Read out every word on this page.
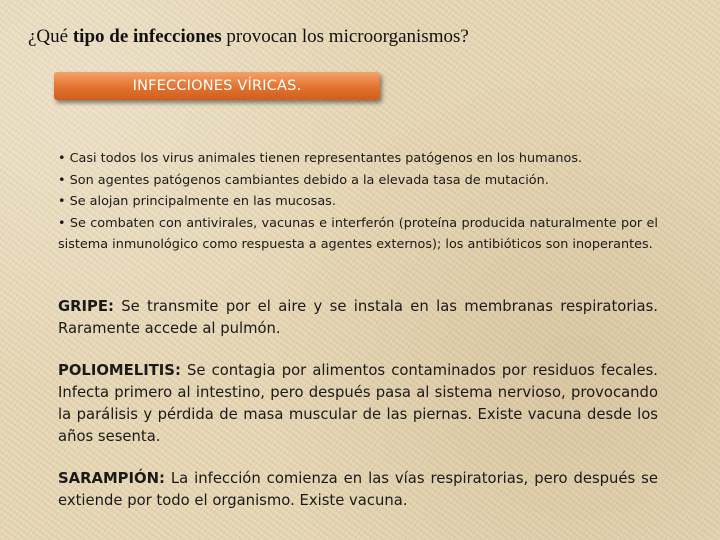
¿Qué tipo de infecciones provocan los microorganismos?
INFECCIONES VÍRICAS.

• Casi todos los virus animales tienen representantes patógenos en los humanos.

• Son agentes patógenos cambiantes debido a la elevada tasa de mutación.

• Se alojan principalmente en las mucosas.

• Se combaten con antivirales, vacunas e interferón (proteína producida naturalmente por el sistema inmunológico como respuesta a agentes externos); los antibióticos son inoperantes.

GRIPE: Se transmite por el aire y se instala en las membranas respiratorias. Raramente accede al pulmón.

POLIOMELITIS: Se contagia por alimentos contaminados por residuos fecales. Infecta primero al intestino, pero después pasa al sistema nervioso, provocando la parálisis y pérdida de masa muscular de las piernas. Existe vacuna desde los años sesenta.

SARAMPIÓN: La infección comienza en las vías respiratorias, pero después se extiende por todo el organismo. Existe vacuna.
